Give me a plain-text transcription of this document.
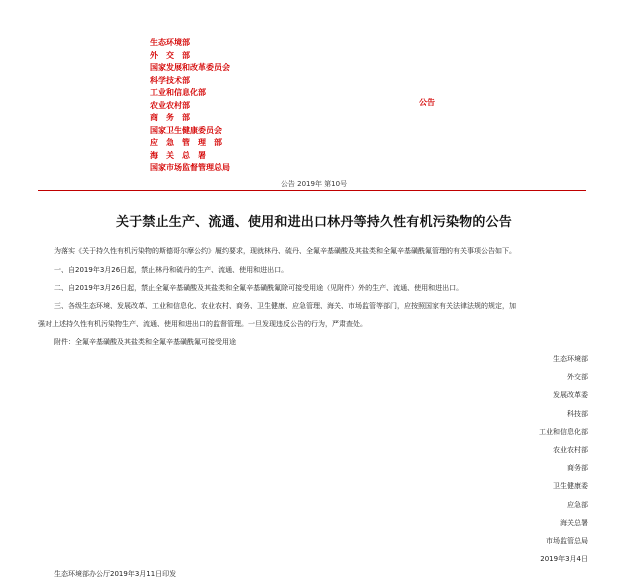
生态环境部
外　交　部
国家发展和改革委员会
科学技术部
工业和信息化部
农业农村部
商　务　部
国家卫生健康委员会
应　急　管　理　部
海　关　总　署
国家市场监督管理总局
公告
公告 2019年 第10号
关于禁止生产、流通、使用和进出口林丹等持久性有机污染物的公告
为落实《关于持久性有机污染物的斯德哥尔摩公约》履约要求，现就林丹、硫丹、全氟辛基磺酸及其盐类和全氟辛基磺酰氟管理的有关事项公告如下。
一、自2019年3月26日起，禁止林丹和硫丹的生产、流通、使用和进出口。
二、自2019年3月26日起，禁止全氟辛基磺酸及其盐类和全氟辛基磺酰氟除可接受用途（见附件）外的生产、流通、使用和进出口。
三、各级生态环境、发展改革、工业和信息化、农业农村、商务、卫生健康、应急管理、海关、市场监管等部门，应按照国家有关法律法规的规定，加
强对上述持久性有机污染物生产、流通、使用和进出口的监督管理。一旦发现违反公告的行为，严肃查处。
附件：全氟辛基磺酸及其盐类和全氟辛基磺酰氟可接受用途
生态环境部
外交部
发展改革委
科技部
工业和信息化部
农业农村部
商务部
卫生健康委
应急部
海关总署
市场监管总局
2019年3月4日
生态环境部办公厅2019年3月11日印发
